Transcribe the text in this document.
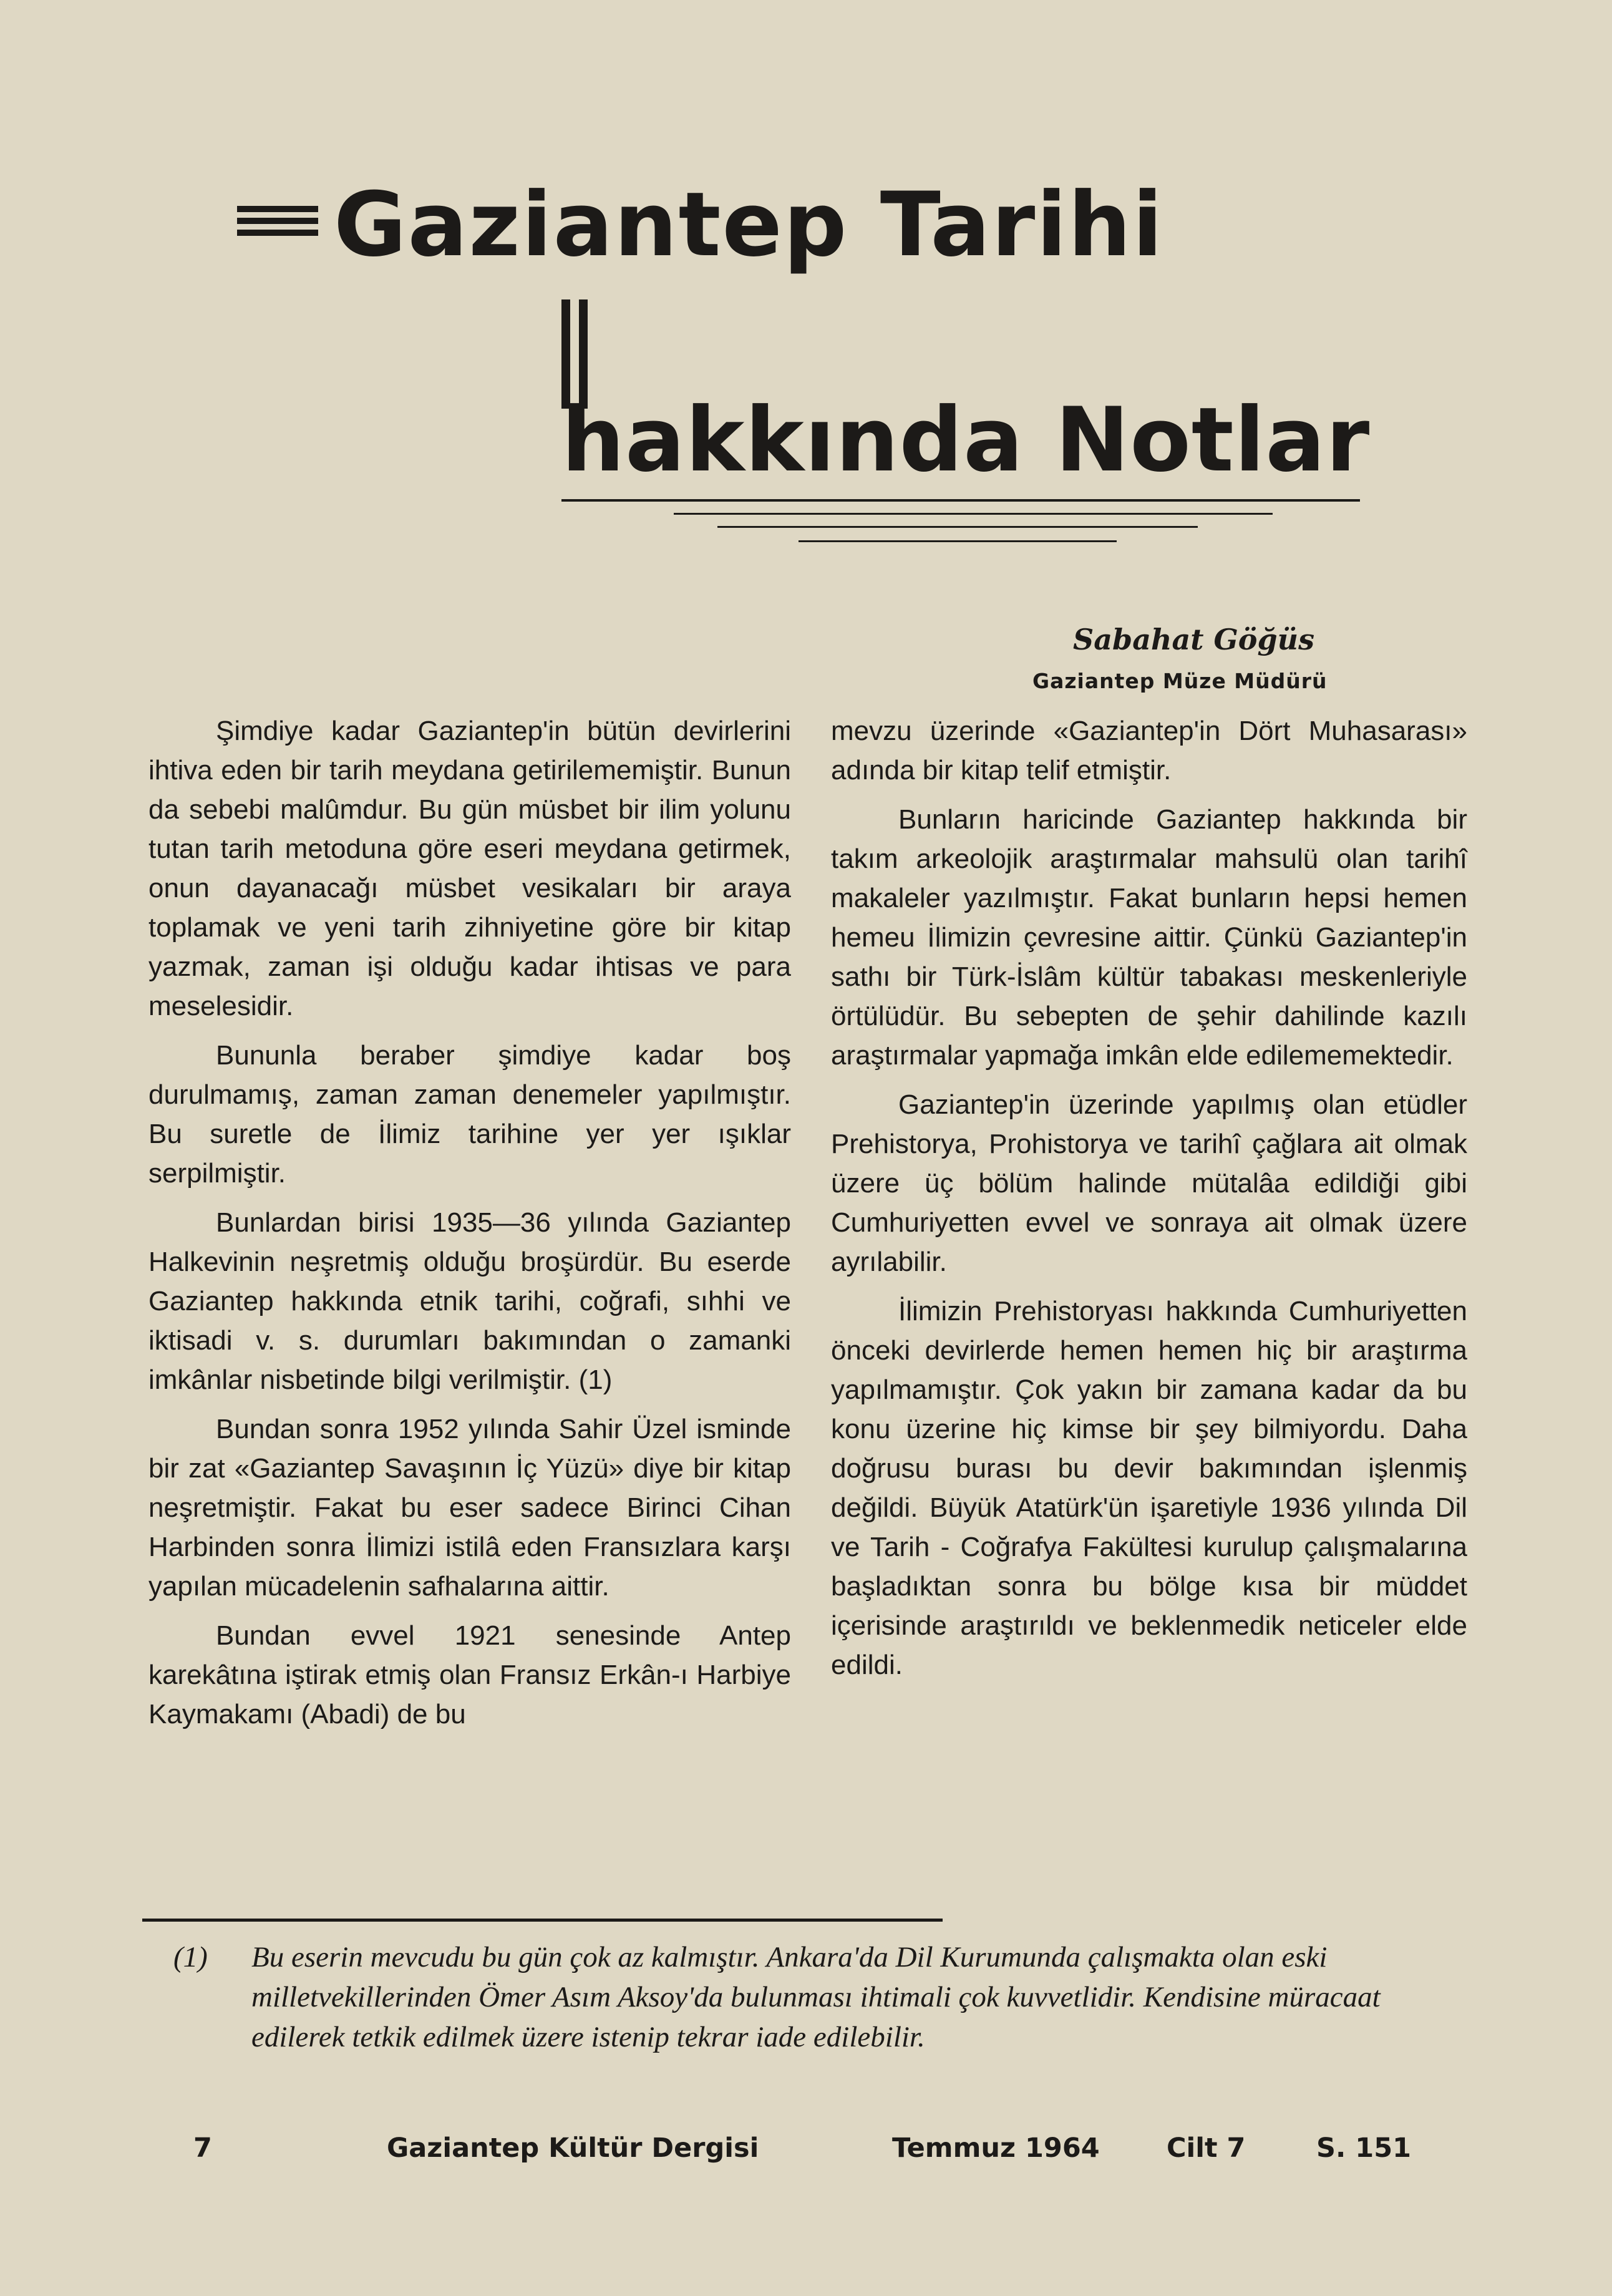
Gaziantep Tarihi
hakkında Notlar
Sabahat Göğüs
Gaziantep Müze Müdürü

Şimdiye kadar Gaziantep'in bütün devirlerini ihtiva eden bir tarih meydana getirilememiştir. Bunun da sebebi malûmdur. Bu gün müsbet bir ilim yolunu tutan tarih metoduna göre eseri meydana getirmek, onun dayanacağı müsbet vesikaları bir araya toplamak ve yeni tarih zihniyetine göre bir kitap yazmak, zaman işi olduğu kadar ihtisas ve para meselesidir.

Bununla beraber şimdiye kadar boş durulmamış, zaman zaman denemeler yapılmıştır. Bu suretle de İlimiz tarihine yer yer ışıklar serpilmiştir.

Bunlardan birisi 1935—36 yılında Gaziantep Halkevinin neşretmiş olduğu broşürdür. Bu eserde Gaziantep hakkında etnik tarihi, coğrafi, sıhhi ve iktisadi v. s. durumları bakımından o zamanki imkânlar nisbetinde bilgi verilmiştir. (1)

Bundan sonra 1952 yılında Sahir Üzel isminde bir zat «Gaziantep Savaşının İç Yüzü» diye bir kitap neşretmiştir. Fakat bu eser sadece Birinci Cihan Harbinden sonra İlimizi istilâ eden Fransızlara karşı yapılan mücadelenin safhalarına aittir.

Bundan evvel 1921 senesinde Antep karekâtına iştirak etmiş olan Fransız Erkân-ı Harbiye Kaymakamı (Abadi) de bu

mevzu üzerinde «Gaziantep'in Dört Muhasarası» adında bir kitap telif etmiştir.

Bunların haricinde Gaziantep hakkında bir takım arkeolojik araştırmalar mahsulü olan tarihî makaleler yazılmıştır. Fakat bunların hepsi hemen hemeu İlimizin çevresine aittir. Çünkü Gaziantep'in sathı bir Türk-İslâm kültür tabakası meskenleriyle örtülüdür. Bu sebepten de şehir dahilinde kazılı araştırmalar yapmağa imkân elde edilememektedir.

Gaziantep'in üzerinde yapılmış olan etüdler Prehistorya, Prohistorya ve tarihî çağlara ait olmak üzere üç bölüm halinde mütalâa edildiği gibi Cumhuriyetten evvel ve sonraya ait olmak üzere ayrılabilir.

İlimizin Prehistoryası hakkında Cumhuriyetten önceki devirlerde hemen hemen hiç bir araştırma yapılmamıştır. Çok yakın bir zamana kadar da bu konu üzerine hiç kimse bir şey bilmiyordu. Daha doğrusu burası bu devir bakımından işlenmiş değildi. Büyük Atatürk'ün işaretiyle 1936 yılında Dil ve Tarih - Coğrafya Fakültesi kurulup çalışmalarına başladıktan sonra bu bölge kısa bir müddet içerisinde araştırıldı ve beklenmedik neticeler elde edildi.

(1) Bu eserin mevcudu bu gün çok az kalmıştır. Ankara'da Dil Kurumunda çalışmakta olan eski milletvekillerinden Ömer Asım Aksoy'da bulunması ihtimali çok kuvvetlidir. Kendisine müracaat edilerek tetkik edilmek üzere istenip tekrar iade edilebilir.
7	Gaziantep Kültür Dergisi	Temmuz 1964 Cilt 7	S. 151
